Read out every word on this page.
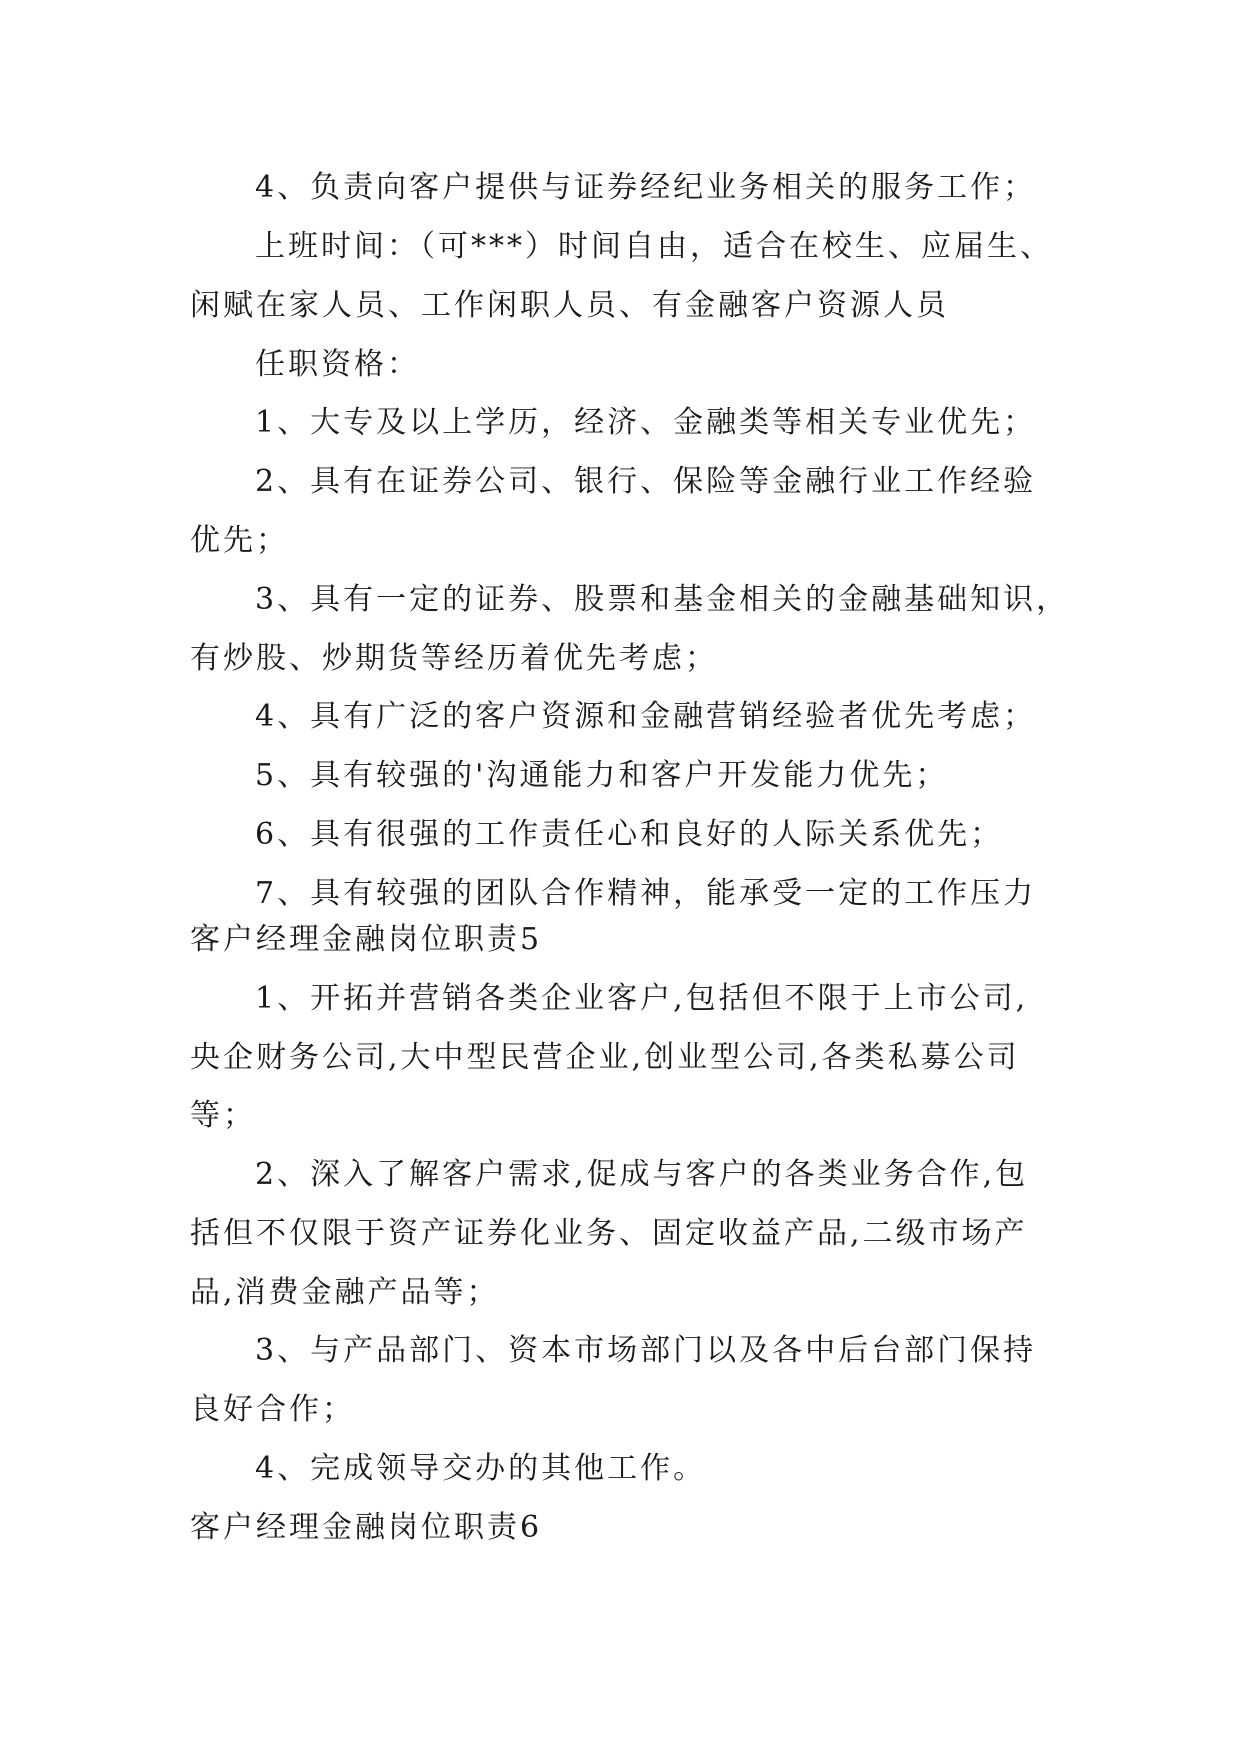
4、负责向客户提供与证券经纪业务相关的服务工作；

上班时间：（可***）时间自由，适合在校生、应届生、

闲赋在家人员、工作闲职人员、有金融客户资源人员

任职资格：

1、大专及以上学历，经济、金融类等相关专业优先；

2、具有在证券公司、银行、保险等金融行业工作经验

优先；

3、具有一定的证券、股票和基金相关的金融基础知识，

有炒股、炒期货等经历着优先考虑；

4、具有广泛的客户资源和金融营销经验者优先考虑；

5、具有较强的'沟通能力和客户开发能力优先；

6、具有很强的工作责任心和良好的人际关系优先；

7、具有较强的团队合作精神，能承受一定的工作压力

客户经理金融岗位职责5

1、开拓并营销各类企业客户,包括但不限于上市公司,

央企财务公司,大中型民营企业,创业型公司,各类私募公司

等；

2、深入了解客户需求,促成与客户的各类业务合作,包

括但不仅限于资产证券化业务、固定收益产品,二级市场产

品,消费金融产品等；

3、与产品部门、资本市场部门以及各中后台部门保持

良好合作；

4、完成领导交办的其他工作。

客户经理金融岗位职责6
